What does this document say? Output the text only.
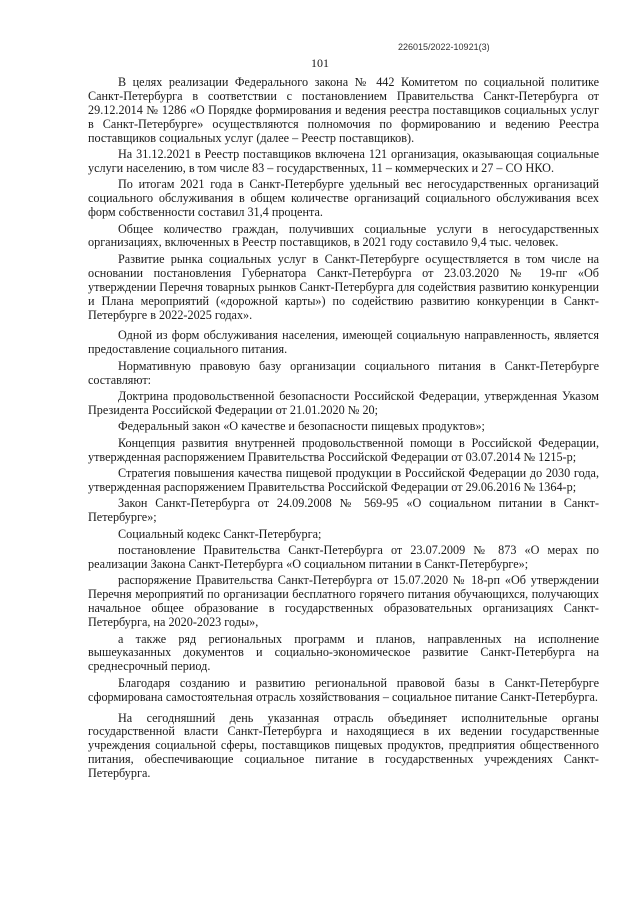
226015/2022-10921(3)
101

В целях реализации Федерального закона № 442 Комитетом по социальной политике Санкт-Петербурга в соответствии с постановлением Правительства Санкт-Петербурга от 29.12.2014 № 1286 «О Порядке формирования и ведения реестра поставщиков социальных услуг в Санкт-Петербурге» осуществляются полномочия по формированию и ведению Реестра поставщиков социальных услуг (далее – Реестр поставщиков).

На 31.12.2021 в Реестр поставщиков включена 121 организация, оказывающая социальные услуги населению, в том числе 83 – государственных, 11 – коммерческих и 27 – СО НКО.

По итогам 2021 года в Санкт-Петербурге удельный вес негосударственных организаций социального обслуживания в общем количестве организаций социального обслуживания всех форм собственности составил 31,4 процента.

Общее количество граждан, получивших социальные услуги в негосударственных организациях, включенных в Реестр поставщиков, в 2021 году составило 9,4 тыс. человек.

Развитие рынка социальных услуг в Санкт-Петербурге осуществляется в том числе на основании постановления Губернатора Санкт-Петербурга от 23.03.2020 № 19-пг «Об утверждении Перечня товарных рынков Санкт-Петербурга для содействия развитию конкуренции и Плана мероприятий («дорожной карты») по содействию развитию конкуренции в Санкт-Петербурге в 2022-2025 годах».

Одной из форм обслуживания населения, имеющей социальную направленность, является предоставление социального питания.

Нормативную правовую базу организации социального питания в Санкт-Петербурге составляют:

Доктрина продовольственной безопасности Российской Федерации, утвержденная Указом Президента Российской Федерации от 21.01.2020 № 20;

Федеральный закон «О качестве и безопасности пищевых продуктов»;

Концепция развития внутренней продовольственной помощи в Российской Федерации, утвержденная распоряжением Правительства Российской Федерации от 03.07.2014 № 1215-р;

Стратегия повышения качества пищевой продукции в Российской Федерации до 2030 года, утвержденная распоряжением Правительства Российской Федерации от 29.06.2016 № 1364-р;

Закон Санкт-Петербурга от 24.09.2008 № 569-95 «О социальном питании в Санкт-Петербурге»;

Социальный кодекс Санкт-Петербурга;

постановление Правительства Санкт-Петербурга от 23.07.2009 № 873 «О мерах по реализации Закона Санкт-Петербурга «О социальном питании в Санкт-Петербурге»;

распоряжение Правительства Санкт-Петербурга от 15.07.2020 № 18-рп «Об утверждении Перечня мероприятий по организации бесплатного горячего питания обучающихся, получающих начальное общее образование в государственных образовательных организациях Санкт-Петербурга, на 2020-2023 годы»,

а также ряд региональных программ и планов, направленных на исполнение вышеуказанных документов и социально-экономическое развитие Санкт-Петербурга на среднесрочный период.

Благодаря созданию и развитию региональной правовой базы в Санкт-Петербурге сформирована самостоятельная отрасль хозяйствования – социальное питание Санкт-Петербурга.

На сегодняшний день указанная отрасль объединяет исполнительные органы государственной власти Санкт-Петербурга и находящиеся в их ведении государственные учреждения социальной сферы, поставщиков пищевых продуктов, предприятия общественного питания, обеспечивающие социальное питание в государственных учреждениях Санкт-Петербурга.
